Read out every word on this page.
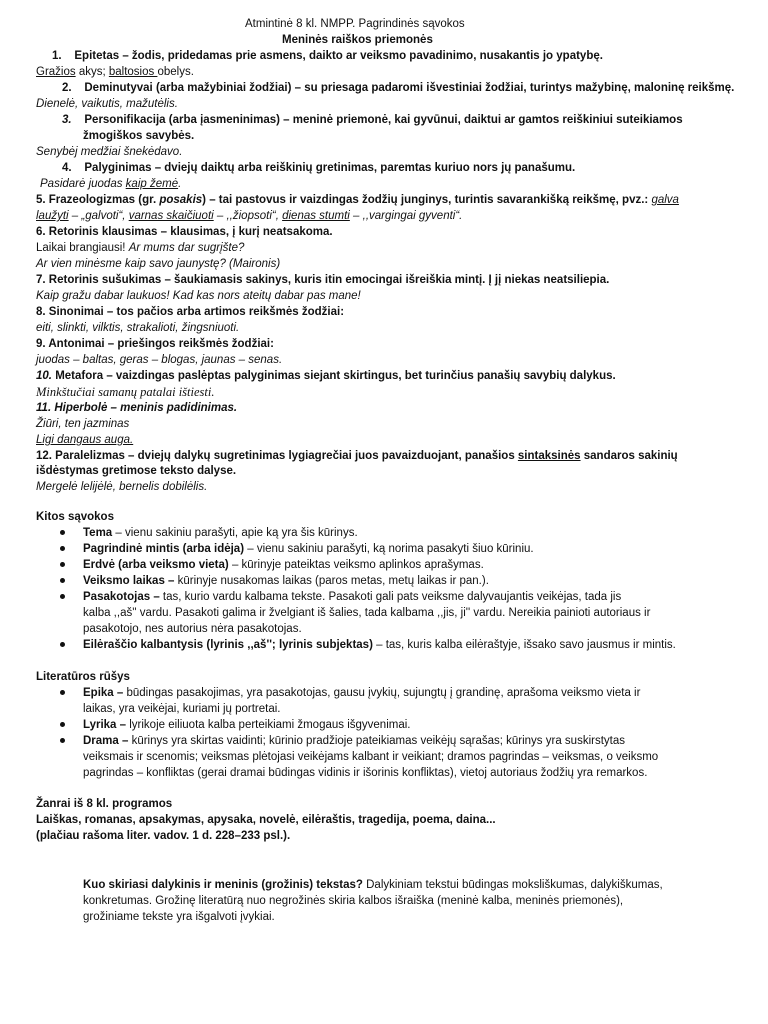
Atmintinė 8 kl. NMPP. Pagrindinės sąvokos
Meninės raiškos priemonės
1. Epitetas – žodis, pridedamas prie asmens, daikto ar veiksmo pavadinimo, nusakantis jo ypatybę.
Gražios akys; baltosios obelys.
2. Deminutyvai (arba mažybiniai žodžiai) – su priesaga padaromi išvestiniai žodžiai, turintys mažybinę, maloninę reikšmę.
Dienelė, vaikutis, mažutėlis.
3. Personifikacija (arba įasmeninimas) – meninė priemonė, kai gyvūnui, daiktui ar gamtos reiškiniui suteikiamos
žmogiškos savybės.
Senybėj medžiai šnekėdavo.
4. Palyginimas – dviejų daiktų arba reiškinių gretinimas, paremtas kuriuo nors jų panašumu.
Pasidarė juodas kaip žemė.
5. Frazeologizmas (gr. posakis) – tai pastovus ir vaizdingas žodžių junginys, turintis savarankišką reikšmę, pvz.: galva
laužyti – „galvoti“, varnas skaičiuoti – ,,žiopsoti“, dienas stumti – ,,vargingai gyventi“.
6. Retorinis klausimas – klausimas, į kurį neatsakoma.
Laikai brangiausi! Ar mums dar sugrįšte?
Ar vien minėsme kaip savo jaunystę? (Maironis)
7. Retorinis sušukimas – šaukiamasis sakinys, kuris itin emocingai išreiškia mintį. Į jį niekas neatsiliepia.
Kaip gražu dabar laukuos! Kad kas nors ateitų dabar pas mane!
8. Sinonimai – tos pačios arba artimos reikšmės žodžiai:
eiti, slinkti, vilktis, strakalioti, žingsniuoti.
9. Antonimai – priešingos reikšmės žodžiai:
juodas – baltas, geras – blogas, jaunas – senas.
10. Metafora – vaizdingas paslėptas palyginimas siejant skirtingus, bet turinčius panašių savybių dalykus.
Minkštučiai samanų patalai ištiesti.
11. Hiperbolė – meninis padidinimas.
Žiūri, ten jazminas
Ligi dangaus auga.
12. Paralelizmas – dviejų dalykų sugretinimas lygiagrečiai juos pavaizduojant, panašios sintaksinės sandaros sakinių
išdėstymas gretimose teksto dalyse.
Mergelė lelijėlė, bernelis dobilėlis.
Kitos sąvokos
Tema – vienu sakiniu parašyti, apie ką yra šis kūrinys.
Pagrindinė mintis (arba idėja) – vienu sakiniu parašyti, ką norima pasakyti šiuo kūriniu.
Erdvė (arba veiksmo vieta) – kūrinyje pateiktas veiksmo aplinkos aprašymas.
Veiksmo laikas – kūrinyje nusakomas laikas (paros metas, metų laikas ir pan.).
Pasakotojas – tas, kurio vardu kalbama tekste. Pasakoti gali pats veiksme dalyvaujantis veikėjas, tada jis
kalba ,,aš'' vardu. Pasakoti galima ir žvelgiant iš šalies, tada kalbama ,,jis, ji'' vardu. Nereikia painioti autoriaus ir
pasakotojo, nes autorius nėra pasakotojas.
Eilėraščio kalbantysis (lyrinis ,,aš''; lyrinis subjektas) – tas, kuris kalba eilėraštyje, išsako savo jausmus ir mintis.
Literatūros rūšys
Epika – būdingas pasakojimas, yra pasakotojas, gausu įvykių, sujungtų į grandinę, aprašoma veiksmo vieta ir
laikas, yra veikėjai, kuriami jų portretai.
Lyrika – lyrikoje eiliuota kalba perteikiami žmogaus išgyvenimai.
Drama – kūrinys yra skirtas vaidinti; kūrinio pradžioje pateikiamas veikėjų sąrašas; kūrinys yra suskirstytas
veiksmais ir scenomis; veiksmas plėtojasi veikėjams kalbant ir veikiant; dramos pagrindas – veiksmas, o veiksmo
pagrindas – konfliktas (gerai dramai būdingas vidinis ir išorinis konfliktas), vietoj autoriaus žodžių yra remarkos.
Žanrai iš 8 kl. programos
Laiškas, romanas, apsakymas, apysaka, novelė, eilėraštis, tragedija, poema, daina...
(plačiau rašoma liter. vadov. 1 d. 228–233 psl.).
Kuo skiriasi dalykinis ir meninis (grožinis) tekstas? Dalykiniam tekstui būdingas moksliškumas, dalykiškumas,
konkretumas. Grožinę literatūrą nuo negrožinės skiria kalbos išraiška (meninė kalba, meninės priemonės),
grožiniame tekste yra išgalvoti įvykiai.
